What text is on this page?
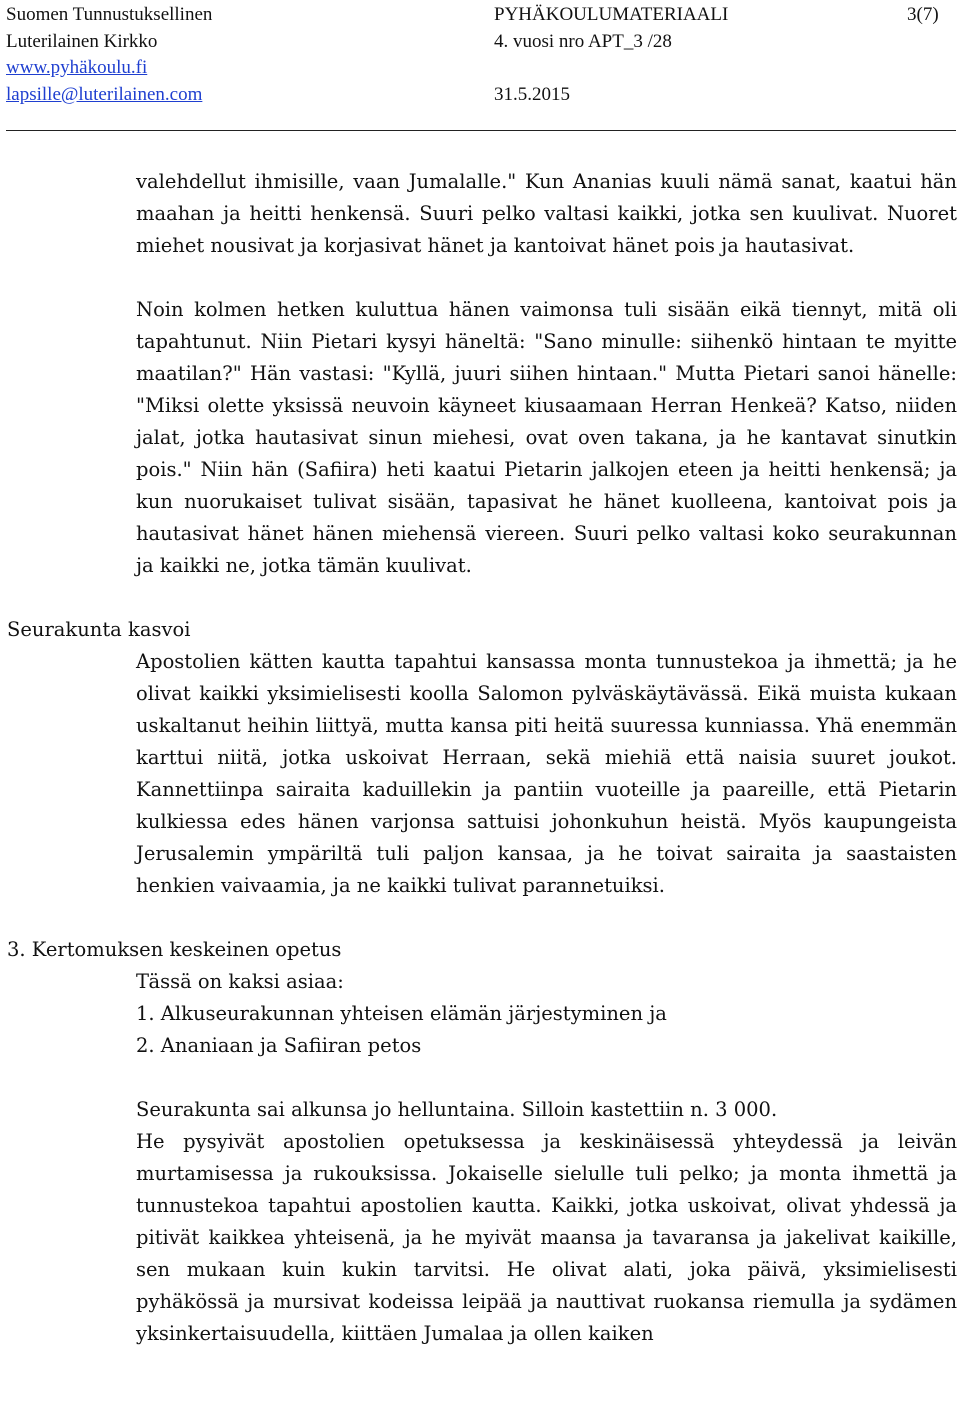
Suomen Tunnustuksellinen
Luterilainen Kirkko
www.pyhäkoulu.fi
lapsille@luterilainen.com
PYHÄKOULUMATERIAALI
4. vuosi nro APT_3 /28
31.5.2015
3(7)

valehdellut ihmisille, vaan Jumalalle." Kun Ananias kuuli nämä sanat, kaatui hän maahan ja heitti henkensä. Suuri pelko valtasi kaikki, jotka sen kuulivat. Nuoret miehet nousivat ja korjasivat hänet ja kantoivat hänet pois ja hautasivat.

Noin kolmen hetken kuluttua hänen vaimonsa tuli sisään eikä tiennyt, mitä oli tapahtunut. Niin Pietari kysyi häneltä: "Sano minulle: siihenkö hintaan te myitte maatilan?" Hän vastasi: "Kyllä, juuri siihen hintaan." Mutta Pietari sanoi hänelle: "Miksi olette yksissä neuvoin käyneet kiusaamaan Herran Henkeä? Katso, niiden jalat, jotka hautasivat sinun miehesi, ovat oven takana, ja he kantavat sinutkin pois." Niin hän (Safiira) heti kaatui Pietarin jalkojen eteen ja heitti henkensä; ja kun nuorukaiset tulivat sisään, tapasivat he hänet kuolleena, kantoivat pois ja hautasivat hänet hänen miehensä viereen. Suuri pelko valtasi koko seurakunnan ja kaikki ne, jotka tämän kuulivat.

Seurakunta kasvoi

Apostolien kätten kautta tapahtui kansassa monta tunnustekoa ja ihmettä; ja he olivat kaikki yksimielisesti koolla Salomon pylväskäytävässä. Eikä muista kukaan uskaltanut heihin liittyä, mutta kansa piti heitä suuressa kunniassa. Yhä enemmän karttui niitä, jotka uskoivat Herraan, sekä miehiä että naisia suuret joukot. Kannettiinpa sairaita kaduillekin ja pantiin vuoteille ja paareille, että Pietarin kulkiessa edes hänen varjonsa sattuisi johonkuhun heistä. Myös kaupungeista Jerusalemin ympäriltä tuli paljon kansaa, ja he toivat sairaita ja saastaisten henkien vaivaamia, ja ne kaikki tulivat parannetuiksi.

3. Kertomuksen keskeinen opetus

Tässä on kaksi asiaa:

1. Alkuseurakunnan yhteisen elämän järjestyminen ja

2. Ananiaan ja Safiiran petos

Seurakunta sai alkunsa jo helluntaina. Silloin kastettiin n. 3 000.

He pysyivät apostolien opetuksessa ja keskinäisessä yhteydessä ja leivän murtamisessa ja rukouksissa. Jokaiselle sielulle tuli pelko; ja monta ihmettä ja tunnustekoa tapahtui apostolien kautta. Kaikki, jotka uskoivat, olivat yhdessä ja pitivät kaikkea yhteisenä, ja he myivät maansa ja tavaransa ja jakelivat kaikille, sen mukaan kuin kukin tarvitsi. He olivat alati, joka päivä, yksimielisesti pyhäkössä ja mursivat kodeissa leipää ja nauttivat ruokansa riemulla ja sydämen yksinkertaisuudella, kiittäen Jumalaa ja ollen kaiken
